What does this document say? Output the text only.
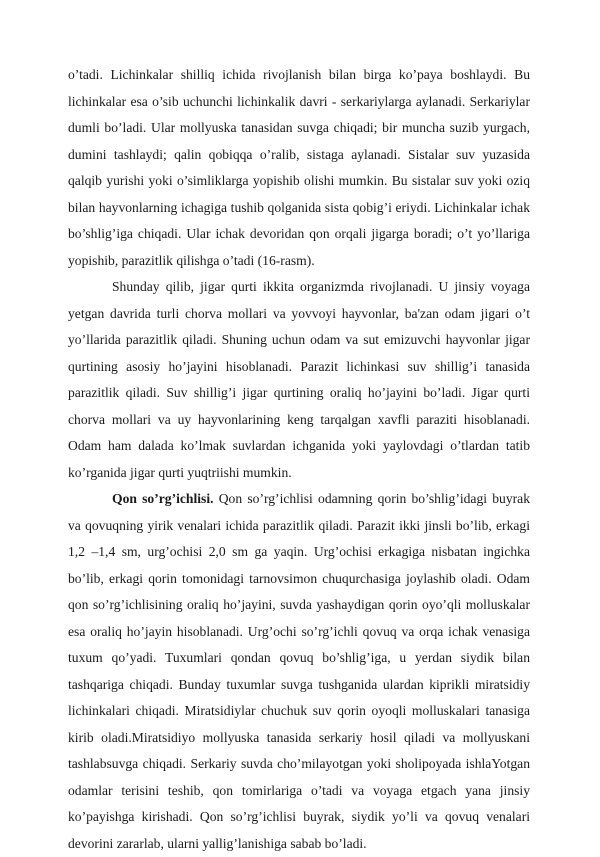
o’tadi. Lichinkalar shilliq ichida rivojlanish bilan birga ko’paya boshlaydi. Bu lichinkalar esa o’sib uchunchi lichinkalik davri - serkariylarga aylanadi. Serkariylar dumli bo’ladi. Ular mollyuska tanasidan suvga chiqadi; bir muncha suzib yurgach, dumini tashlaydi; qalin qobiqqa o’ralib, sistaga aylanadi. Sistalar suv yuzasida qalqib yurishi yoki o’simliklarga yopishib olishi mumkin. Bu sistalar suv yoki oziq bilan hayvonlarning ichagiga tushib qolganida sista qobig’i eriydi. Lichinkalar ichak bo’shlig’iga chiqadi. Ular ichak devoridan qon orqali jigarga boradi; o’t yo’llariga yopishib, parazitlik qilishga o’tadi (16-rasm).

Shunday qilib, jigar qurti ikkita organizmda rivojlanadi. U jinsiy voyaga yetgan davrida turli chorva mollari va yovvoyi hayvonlar, ba'zan odam jigari o’t yo’llarida parazitlik qiladi. Shuning uchun odam va sut emizuvchi hayvonlar jigar qurtining asosiy ho’jayini hisoblanadi. Parazit lichinkasi suv shillig’i tanasida parazitlik qiladi. Suv shillig’i jigar qurtining oraliq ho’jayini bo’ladi. Jigar qurti chorva mollari va uy hayvonlarining keng tarqalgan xavfli paraziti hisoblanadi. Odam ham dalada ko’lmak suvlardan ichganida yoki yaylovdagi o’tlardan tatib ko’rganida jigar qurti yuqtriishi mumkin.

Qon so’rg’ichlisi. Qon so’rg’ichlisi odamning qorin bo’shlig’idagi buyrak va qovuqning yirik venalari ichida parazitlik qiladi. Parazit ikki jinsli bo’lib, erkagi 1,2 –1,4 sm, urg’ochisi 2,0 sm ga yaqin. Urg’ochisi erkagiga nisbatan ingichka bo’lib, erkagi qorin tomonidagi tarnovsimon chuqurchasiga joylashib oladi. Odam qon so’rg’ichlisining oraliq ho’jayini, suvda yashaydigan qorin oyo’qli molluskalar esa oraliq ho’jayin hisoblanadi. Urg’ochi so’rg’ichli qovuq va orqa ichak venasiga tuxum qo’yadi. Tuxumlari qondan qovuq bo’shlig’iga, u yerdan siydik bilan tashqariga chiqadi. Bunday tuxumlar suvga tushganida ulardan kiprikli miratsidiy lichinkalari chiqadi. Miratsidiylar chuchuk suv qorin oyoqli molluskalari tanasiga kirib oladi.Miratsidiyo mollyuska tanasida serkariy hosil qiladi va mollyuskani tashlabsuvga chiqadi. Serkariy suvda cho’milayotgan yoki sholipoyada ishlaYotgan odamlar terisini teshib, qon tomirlariga o’tadi va voyaga etgach yana jinsiy ko’payishga kirishadi. Qon so’rg’ichlisi buyrak, siydik yo’li va qovuq venalari devorini zararlab, ularni yallig’lanishiga sabab bo’ladi.
